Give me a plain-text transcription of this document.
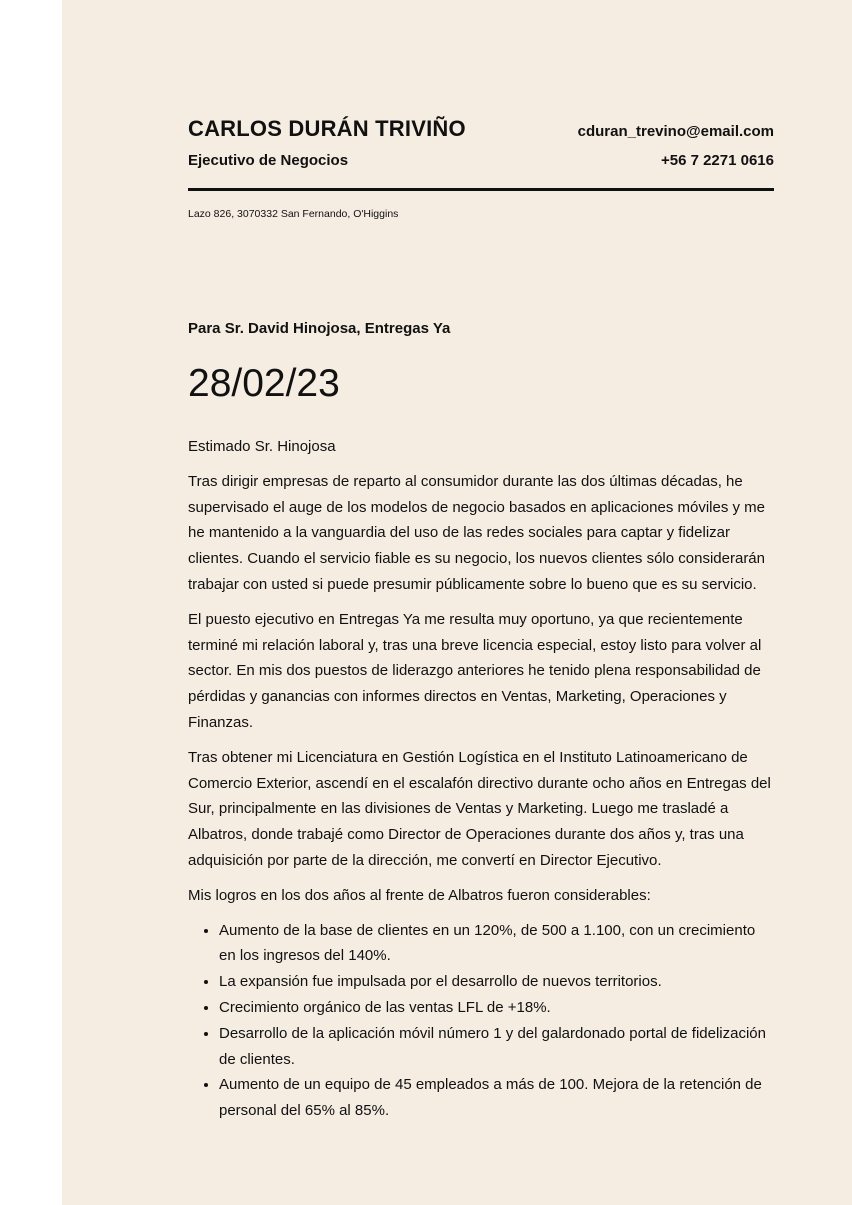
CARLOS DURÁN TRIVIÑO
Ejecutivo de Negocios
cduran_trevino@email.com
+56 7 2271 0616
Lazo 826, 3070332 San Fernando, O'Higgins
Para Sr. David Hinojosa, Entregas Ya
28/02/23

Estimado Sr. Hinojosa

Tras dirigir empresas de reparto al consumidor durante las dos últimas décadas, he supervisado el auge de los modelos de negocio basados en aplicaciones móviles y me he mantenido a la vanguardia del uso de las redes sociales para captar y fidelizar clientes. Cuando el servicio fiable es su negocio, los nuevos clientes sólo considerarán trabajar con usted si puede presumir públicamente sobre lo bueno que es su servicio.

El puesto ejecutivo en Entregas Ya me resulta muy oportuno, ya que recientemente terminé mi relación laboral y, tras una breve licencia especial, estoy listo para volver al sector. En mis dos puestos de liderazgo anteriores he tenido plena responsabilidad de pérdidas y ganancias con informes directos en Ventas, Marketing, Operaciones y Finanzas.

Tras obtener mi Licenciatura en Gestión Logística en el Instituto Latinoamericano de Comercio Exterior, ascendí en el escalafón directivo durante ocho años en Entregas del Sur, principalmente en las divisiones de Ventas y Marketing. Luego me trasladé a Albatros, donde trabajé como Director de Operaciones durante dos años y, tras una adquisición por parte de la dirección, me convertí en Director Ejecutivo.

Mis logros en los dos años al frente de Albatros fueron considerables:

• Aumento de la base de clientes en un 120%, de 500 a 1.100, con un crecimiento en los ingresos del 140%.
• La expansión fue impulsada por el desarrollo de nuevos territorios.
• Crecimiento orgánico de las ventas LFL de +18%.
• Desarrollo de la aplicación móvil número 1 y del galardonado portal de fidelización de clientes.
• Aumento de un equipo de 45 empleados a más de 100. Mejora de la retención de personal del 65% al 85%.
